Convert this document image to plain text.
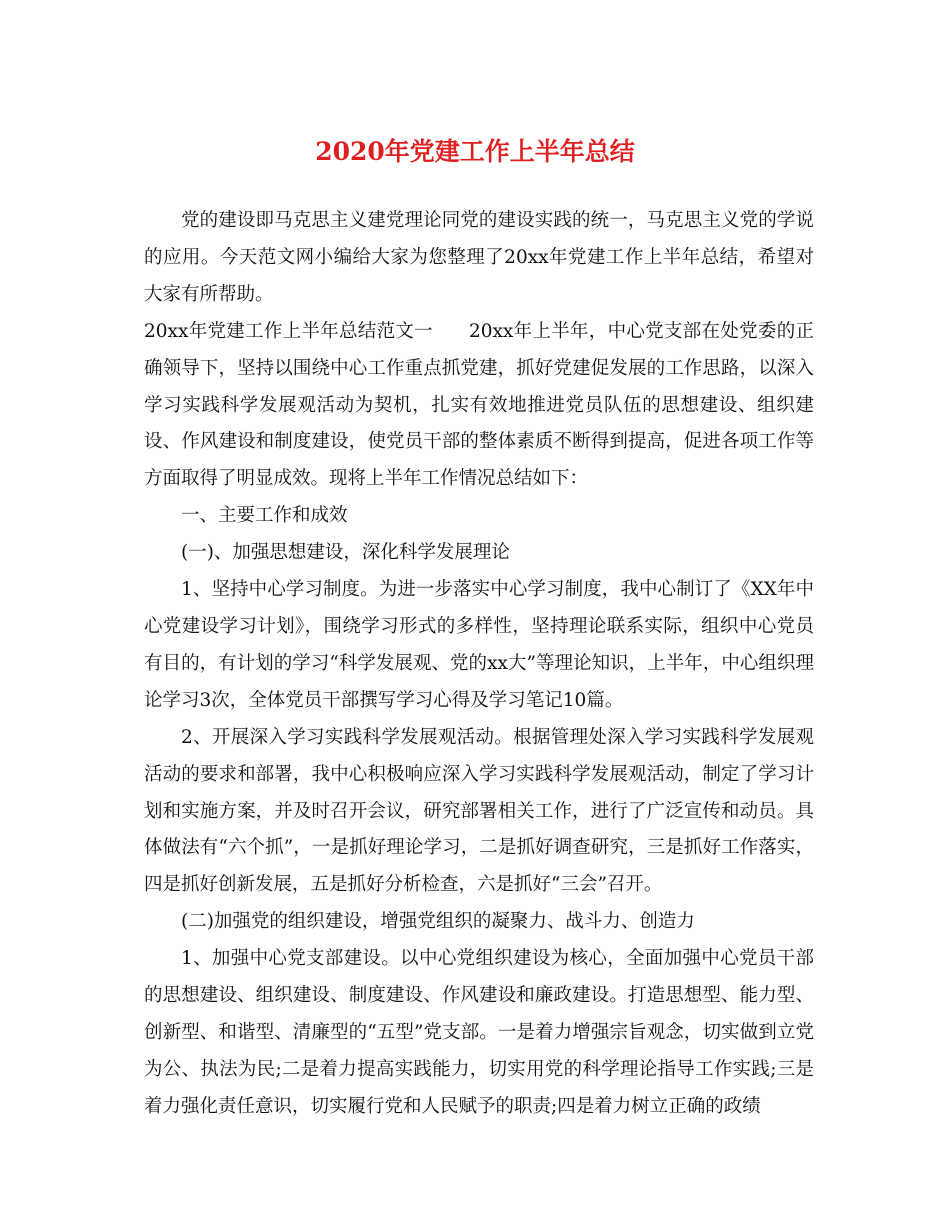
2020年党建工作上半年总结

党的建设即马克思主义建党理论同党的建设实践的统一，马克思主义党的学说的应用。今天范文网小编给大家为您整理了20xx年党建工作上半年总结，希望对大家有所帮助。

20xx年党建工作上半年总结范文一 20xx年上半年，中心党支部在处党委的正确领导下，坚持以围绕中心工作重点抓党建，抓好党建促发展的工作思路，以深入学习实践科学发展观活动为契机，扎实有效地推进党员队伍的思想建设、组织建设、作风建设和制度建设，使党员干部的整体素质不断得到提高，促进各项工作等方面取得了明显成效。现将上半年工作情况总结如下：

一、主要工作和成效

(一)、加强思想建设，深化科学发展理论

1、坚持中心学习制度。为进一步落实中心学习制度，我中心制订了《XX年中心党建设学习计划》，围绕学习形式的多样性，坚持理论联系实际，组织中心党员有目的，有计划的学习“科学发展观、党的xx大”等理论知识，上半年，中心组织理论学习3次，全体党员干部撰写学习心得及学习笔记10篇。

2、开展深入学习实践科学发展观活动。根据管理处深入学习实践科学发展观活动的要求和部署，我中心积极响应深入学习实践科学发展观活动，制定了学习计划和实施方案，并及时召开会议，研究部署相关工作，进行了广泛宣传和动员。具体做法有“六个抓”，一是抓好理论学习，二是抓好调查研究，三是抓好工作落实，四是抓好创新发展，五是抓好分析检查，六是抓好“三会”召开。

(二)加强党的组织建设，增强党组织的凝聚力、战斗力、创造力

1、加强中心党支部建设。以中心党组织建设为核心，全面加强中心党员干部的思想建设、组织建设、制度建设、作风建设和廉政建设。打造思想型、能力型、创新型、和谐型、清廉型的“五型”党支部。一是着力增强宗旨观念，切实做到立党为公、执法为民;二是着力提高实践能力，切实用党的科学理论指导工作实践;三是着力强化责任意识，切实履行党和人民赋予的职责;四是着力树立正确的政绩
